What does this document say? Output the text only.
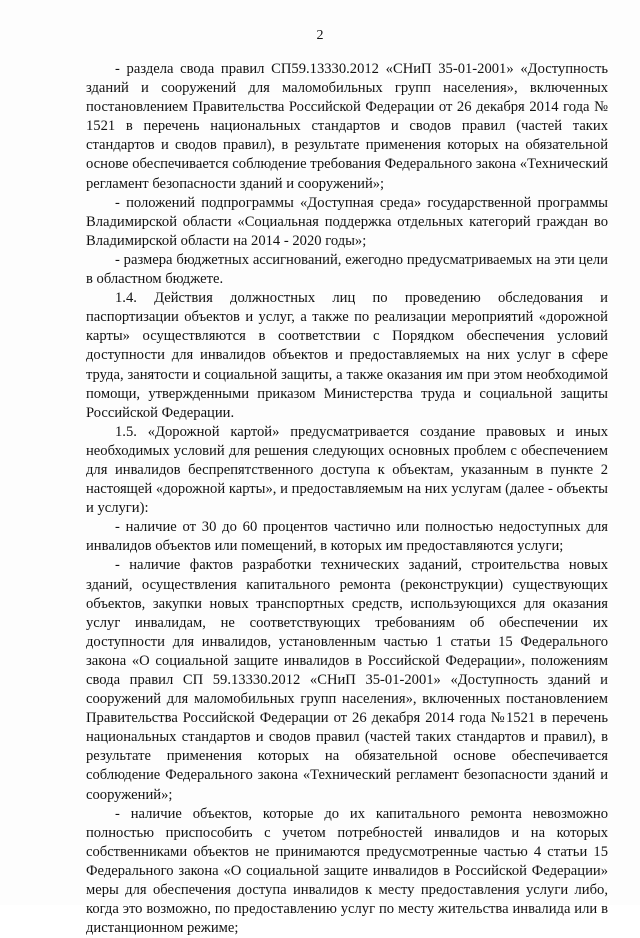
2

- раздела свода правил СП59.13330.2012 «СНиП 35-01-2001» «Доступность зданий и сооружений для маломобильных групп населения», включенных постановлением Правительства Российской Федерации от 26 декабря 2014 года № 1521 в перечень национальных стандартов и сводов правил (частей таких стандартов и сводов правил), в результате применения которых на обязательной основе обеспечивается соблюдение требования Федерального закона «Технический регламент безопасности зданий и сооружений»;

- положений подпрограммы «Доступная среда» государственной программы Владимирской области «Социальная поддержка отдельных категорий граждан во Владимирской области на 2014 - 2020 годы»;

- размера бюджетных ассигнований, ежегодно предусматриваемых на эти цели в областном бюджете.

1.4. Действия должностных лиц по проведению обследования и паспортизации объектов и услуг, а также по реализации мероприятий «дорожной карты» осуществляются в соответствии с Порядком обеспечения условий доступности для инвалидов объектов и предоставляемых на них услуг в сфере труда, занятости и социальной защиты, а также оказания им при этом необходимой помощи, утвержденными приказом Министерства труда и социальной защиты Российской Федерации.

1.5. «Дорожной картой» предусматривается создание правовых и иных необходимых условий для решения следующих основных проблем с обеспечением для инвалидов беспрепятственного доступа к объектам, указанным в пункте 2 настоящей «дорожной карты», и предоставляемым на них услугам (далее - объекты и услуги):

- наличие от 30 до 60 процентов частично или полностью недоступных для инвалидов объектов или помещений, в которых им предоставляются услуги;

- наличие фактов разработки технических заданий, строительства новых зданий, осуществления капитального ремонта (реконструкции) существующих объектов, закупки новых транспортных средств, использующихся для оказания услуг инвалидам, не соответствующих требованиям об обеспечении их доступности для инвалидов, установленным частью 1 статьи 15 Федерального закона «О социальной защите инвалидов в Российской Федерации», положениям свода правил СП 59.13330.2012 «СНиП 35-01-2001» «Доступность зданий и сооружений для маломобильных групп населения», включенных постановлением Правительства Российской Федерации от 26 декабря 2014 года №1521 в перечень национальных стандартов и сводов правил (частей таких стандартов и правил), в результате применения которых на обязательной основе обеспечивается соблюдение Федерального закона «Технический регламент безопасности зданий и сооружений»;

- наличие объектов, которые до их капитального ремонта невозможно полностью приспособить с учетом потребностей инвалидов и на которых собственниками объектов не принимаются предусмотренные частью 4 статьи 15 Федерального закона «О социальной защите инвалидов в Российской Федерации» меры для обеспечения доступа инвалидов к месту предоставления услуги либо, когда это возможно, по предоставлению услуг по месту жительства инвалида или в дистанционном режиме;
